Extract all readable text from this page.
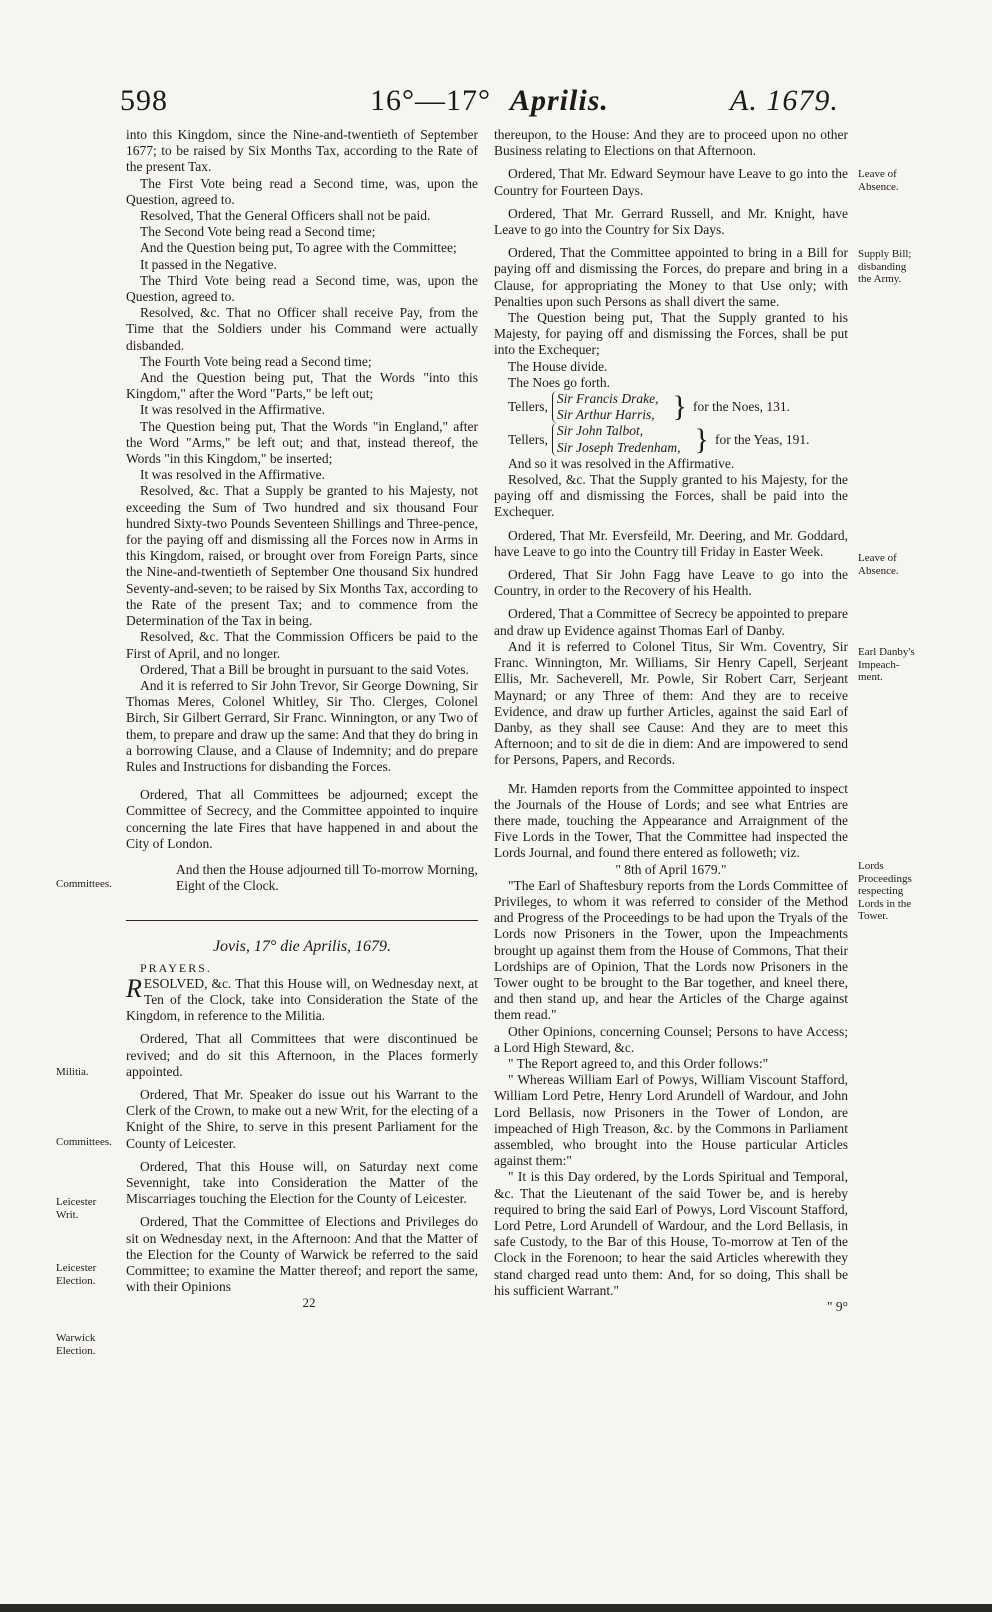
598	16°—17° Aprilis.	A. 1679.

into this Kingdom, since the Nine-and-twentieth of September 1677; to be raised by Six Months Tax, according to the Rate of the present Tax.

The First Vote being read a Second time, was, upon the Question, agreed to.

Resolved, That the General Officers shall not be paid.

The Second Vote being read a Second time;

And the Question being put, To agree with the Committee;

It passed in the Negative.

The Third Vote being read a Second time, was, upon the Question, agreed to.

Resolved, &c. That no Officer shall receive Pay, from the Time that the Soldiers under his Command were actually disbanded.

The Fourth Vote being read a Second time;

And the Question being put, That the Words "into this Kingdom," after the Word "Parts," be left out;

It was resolved in the Affirmative.

The Question being put, That the Words "in England," after the Word "Arms," be left out; and that, instead thereof, the Words "in this Kingdom," be inserted;

It was resolved in the Affirmative.

Resolved, &c. That a Supply be granted to his Majesty, not exceeding the Sum of Two hundred and six thousand Four hundred Sixty-two Pounds Seventeen Shillings and Three-pence, for the paying off and dismissing all the Forces now in Arms in this Kingdom, raised, or brought over from Foreign Parts, since the Nine-and-twentieth of September One thousand Six hundred Seventy-and-seven; to be raised by Six Months Tax, according to the Rate of the present Tax; and to commence from the Determination of the Tax in being.

Resolved, &c. That the Commission Officers be paid to the First of April, and no longer.

Ordered, That a Bill be brought in pursuant to the said Votes.

And it is referred to Sir John Trevor, Sir George Downing, Sir Thomas Meres, Colonel Whitley, Sir Tho. Clerges, Colonel Birch, Sir Gilbert Gerrard, Sir Franc. Winnington, or any Two of them, to prepare and draw up the same: And that they do bring in a borrowing Clause, and a Clause of Indemnity; and do prepare Rules and Instructions for disbanding the Forces.

Ordered, That all Committees be adjourned; except the Committee of Secrecy, and the Committee appointed to inquire concerning the late Fires that have happened in and about the City of London.

And then the House adjourned till To-morrow Morning, Eight of the Clock.

Jovis, 17° die Aprilis, 1679.

PRAYERS.

RESOLVED, &c. That this House will, on Wednesday next, at Ten of the Clock, take into Consideration the State of the Kingdom, in reference to the Militia.

Ordered, That all Committees that were discontinued be revived; and do sit this Afternoon, in the Places formerly appointed.

Ordered, That Mr. Speaker do issue out his Warrant to the Clerk of the Crown, to make out a new Writ, for the electing of a Knight of the Shire, to serve in this present Parliament for the County of Leicester.

Ordered, That this House will, on Saturday next come Sevennight, take into Consideration the Matter of the Miscarriages touching the Election for the County of Leicester.

Ordered, That the Committee of Elections and Privileges do sit on Wednesday next, in the Afternoon: And that the Matter of the Election for the County of Warwick be referred to the said Committee; to examine the Matter thereof; and report the same, with their Opinions

22

thereupon, to the House: And they are to proceed upon no other Business relating to Elections on that Afternoon.

Ordered, That Mr. Edward Seymour have Leave to go into the Country for Fourteen Days.

Ordered, That Mr. Gerrard Russell, and Mr. Knight, have Leave to go into the Country for Six Days.

Ordered, That the Committee appointed to bring in a Bill for paying off and dismissing the Forces, do prepare and bring in a Clause, for appropriating the Money to that Use only; with Penalties upon such Persons as shall divert the same.

The Question being put, That the Supply granted to his Majesty, for paying off and dismissing the Forces, shall be put into the Exchequer;

The House divide.

The Noes go forth.

Tellers,
Sir Francis Drake,
Sir Arthur Harris, } for the Noes, 131.
Tellers,
Sir John Talbot,
Sir Joseph Tredenham, } for the Yeas, 191.

And so it was resolved in the Affirmative.

Resolved, &c. That the Supply granted to his Majesty, for the paying off and dismissing the Forces, shall be paid into the Exchequer.

Ordered, That Mr. Eversfeild, Mr. Deering, and Mr. Goddard, have Leave to go into the Country till Friday in Easter Week.

Ordered, That Sir John Fagg have Leave to go into the Country, in order to the Recovery of his Health.

Ordered, That a Committee of Secrecy be appointed to prepare and draw up Evidence against Thomas Earl of Danby.

And it is referred to Colonel Titus, Sir Wm. Coventry, Sir Franc. Winnington, Mr. Williams, Sir Henry Capell, Serjeant Ellis, Mr. Sacheverell, Mr. Powle, Sir Robert Carr, Serjeant Maynard; or any Three of them: And they are to receive Evidence, and draw up further Articles, against the said Earl of Danby, as they shall see Cause: And they are to meet this Afternoon; and to sit de die in diem: And are impowered to send for Persons, Papers, and Records.

Mr. Hamden reports from the Committee appointed to inspect the Journals of the House of Lords; and see what Entries are there made, touching the Appearance and Arraignment of the Five Lords in the Tower, That the Committee had inspected the Lords Journal, and found there entered as followeth; viz.

" 8th of April 1679."

"The Earl of Shaftesbury reports from the Lords Committee of Privileges, to whom it was referred to consider of the Method and Progress of the Proceedings to be had upon the Tryals of the Lords now Prisoners in the Tower, upon the Impeachments brought up against them from the House of Commons, That their Lordships are of Opinion, That the Lords now Prisoners in the Tower ought to be brought to the Bar together, and kneel there, and then stand up, and hear the Articles of the Charge against them read."

Other Opinions, concerning Counsel; Persons to have Access; a Lord High Steward, &c.

" The Report agreed to, and this Order follows:"

" Whereas William Earl of Powys, William Viscount Stafford, William Lord Petre, Henry Lord Arundell of Wardour, and John Lord Bellasis, now Prisoners in the Tower of London, are impeached of High Treason, &c. by the Commons in Parliament assembled, who brought into the House particular Articles against them:"

" It is this Day ordered, by the Lords Spiritual and Temporal, &c. That the Lieutenant of the said Tower be, and is hereby required to bring the said Earl of Powys, Lord Viscount Stafford, Lord Petre, Lord Arundell of Wardour, and the Lord Bellasis, in safe Custody, to the Bar of this House, To-morrow at Ten of the Clock in the Forenoon; to hear the said Articles wherewith they stand charged read unto them: And, for so doing, This shall be his sufficient Warrant."

" 9°

Committees.
Militia.
Committees.
Leicester
Writ.
Leicester
Election.
Warwick
Election.
Leave of
Absence.
Supply Bill;
disbanding
the Army.
Leave of
Absence.
Earl Danby's
Impeach-
ment.
Lords
Proceedings
respecting
Lords in the
Tower.
